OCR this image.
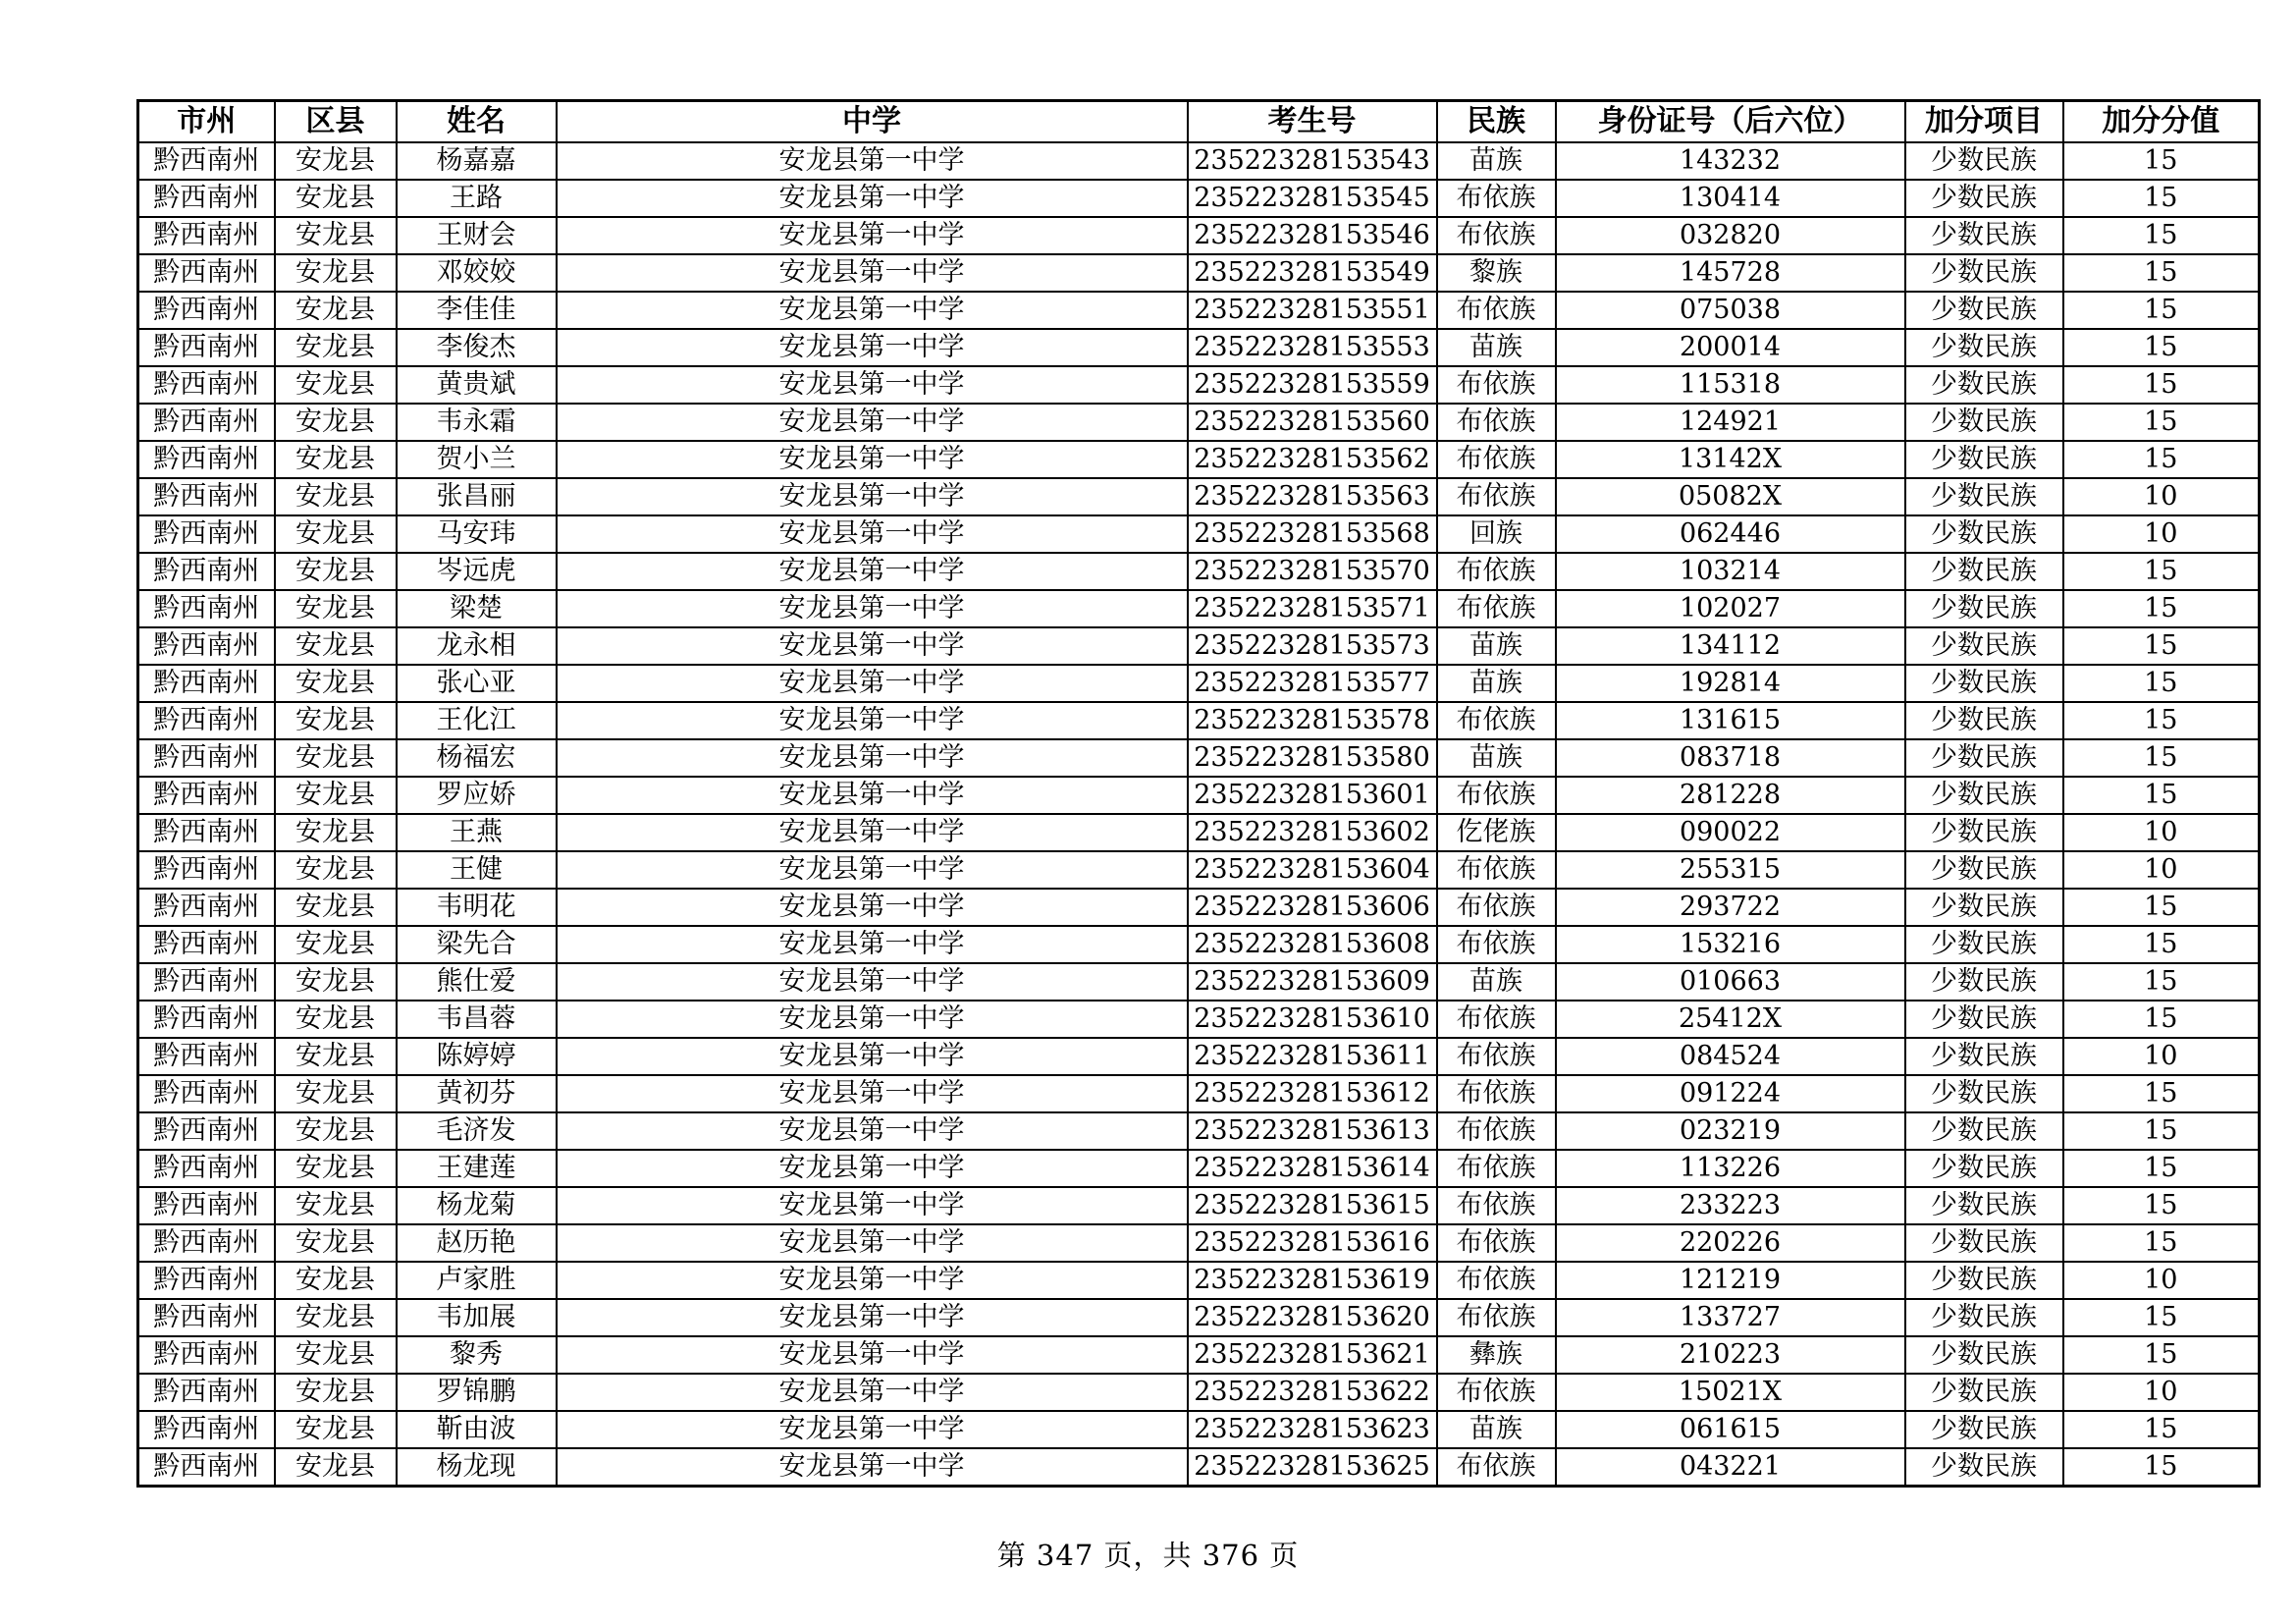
市州	区县	姓名	中学	考生号	民族	身份证号（后六位）	加分项目	加分分值
黔西南州	安龙县	杨嘉嘉	安龙县第一中学	23522328153543	苗族	143232	少数民族	15
黔西南州	安龙县	王路	安龙县第一中学	23522328153545	布依族	130414	少数民族	15
黔西南州	安龙县	王财会	安龙县第一中学	23522328153546	布依族	032820	少数民族	15
黔西南州	安龙县	邓姣姣	安龙县第一中学	23522328153549	黎族	145728	少数民族	15
黔西南州	安龙县	李佳佳	安龙县第一中学	23522328153551	布依族	075038	少数民族	15
黔西南州	安龙县	李俊杰	安龙县第一中学	23522328153553	苗族	200014	少数民族	15
黔西南州	安龙县	黄贵斌	安龙县第一中学	23522328153559	布依族	115318	少数民族	15
黔西南州	安龙县	韦永霜	安龙县第一中学	23522328153560	布依族	124921	少数民族	15
黔西南州	安龙县	贺小兰	安龙县第一中学	23522328153562	布依族	13142X	少数民族	15
黔西南州	安龙县	张昌丽	安龙县第一中学	23522328153563	布依族	05082X	少数民族	10
黔西南州	安龙县	马安玮	安龙县第一中学	23522328153568	回族	062446	少数民族	10
黔西南州	安龙县	岑远虎	安龙县第一中学	23522328153570	布依族	103214	少数民族	15
黔西南州	安龙县	梁楚	安龙县第一中学	23522328153571	布依族	102027	少数民族	15
黔西南州	安龙县	龙永相	安龙县第一中学	23522328153573	苗族	134112	少数民族	15
黔西南州	安龙县	张心亚	安龙县第一中学	23522328153577	苗族	192814	少数民族	15
黔西南州	安龙县	王化江	安龙县第一中学	23522328153578	布依族	131615	少数民族	15
黔西南州	安龙县	杨福宏	安龙县第一中学	23522328153580	苗族	083718	少数民族	15
黔西南州	安龙县	罗应娇	安龙县第一中学	23522328153601	布依族	281228	少数民族	15
黔西南州	安龙县	王燕	安龙县第一中学	23522328153602	仡佬族	090022	少数民族	10
黔西南州	安龙县	王健	安龙县第一中学	23522328153604	布依族	255315	少数民族	10
黔西南州	安龙县	韦明花	安龙县第一中学	23522328153606	布依族	293722	少数民族	15
黔西南州	安龙县	梁先合	安龙县第一中学	23522328153608	布依族	153216	少数民族	15
黔西南州	安龙县	熊仕爱	安龙县第一中学	23522328153609	苗族	010663	少数民族	15
黔西南州	安龙县	韦昌蓉	安龙县第一中学	23522328153610	布依族	25412X	少数民族	15
黔西南州	安龙县	陈婷婷	安龙县第一中学	23522328153611	布依族	084524	少数民族	10
黔西南州	安龙县	黄初芬	安龙县第一中学	23522328153612	布依族	091224	少数民族	15
黔西南州	安龙县	毛济发	安龙县第一中学	23522328153613	布依族	023219	少数民族	15
黔西南州	安龙县	王建莲	安龙县第一中学	23522328153614	布依族	113226	少数民族	15
黔西南州	安龙县	杨龙菊	安龙县第一中学	23522328153615	布依族	233223	少数民族	15
黔西南州	安龙县	赵历艳	安龙县第一中学	23522328153616	布依族	220226	少数民族	15
黔西南州	安龙县	卢家胜	安龙县第一中学	23522328153619	布依族	121219	少数民族	10
黔西南州	安龙县	韦加展	安龙县第一中学	23522328153620	布依族	133727	少数民族	15
黔西南州	安龙县	黎秀	安龙县第一中学	23522328153621	彝族	210223	少数民族	15
黔西南州	安龙县	罗锦鹏	安龙县第一中学	23522328153622	布依族	15021X	少数民族	10
黔西南州	安龙县	靳由波	安龙县第一中学	23522328153623	苗族	061615	少数民族	15
黔西南州	安龙县	杨龙现	安龙县第一中学	23522328153625	布依族	043221	少数民族	15
第 347 页，共 376 页
